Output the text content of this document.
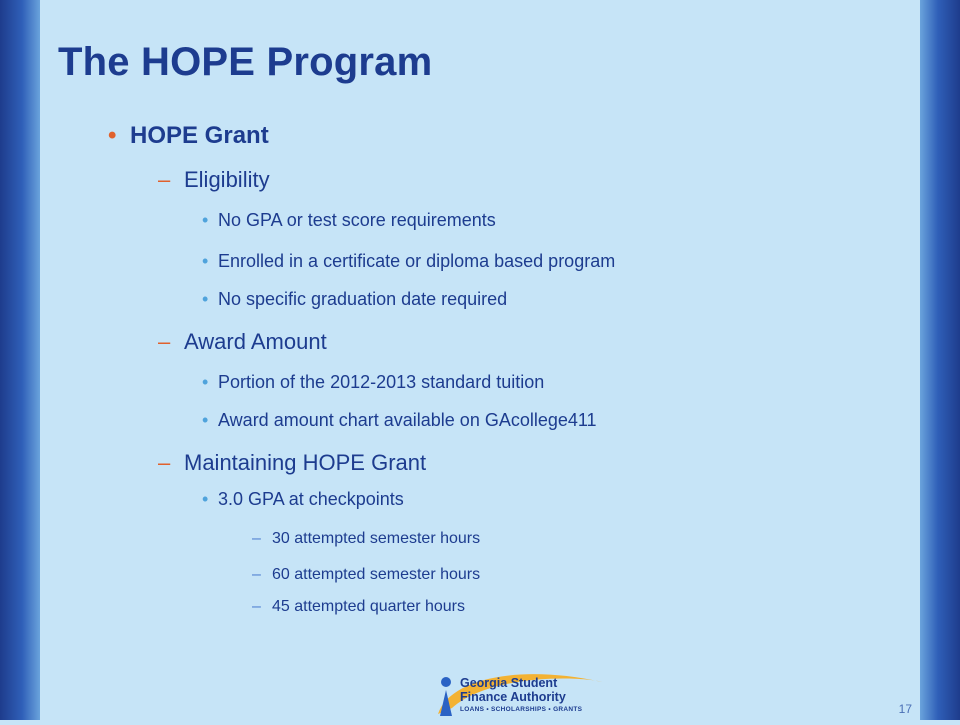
The HOPE Program
• HOPE Grant
– Eligibility
• No GPA or test score requirements
• Enrolled in a certificate or diploma based program
• No specific graduation date required
– Award Amount
• Portion of the 2012-2013 standard tuition
• Award amount chart available on GAcollege411
– Maintaining HOPE Grant
• 3.0 GPA at checkpoints
– 30 attempted semester hours
– 60 attempted semester hours
– 45 attempted quarter hours
Georgia Student
Finance Authority
LOANS • SCHOLARSHIPS • GRANTS	17
